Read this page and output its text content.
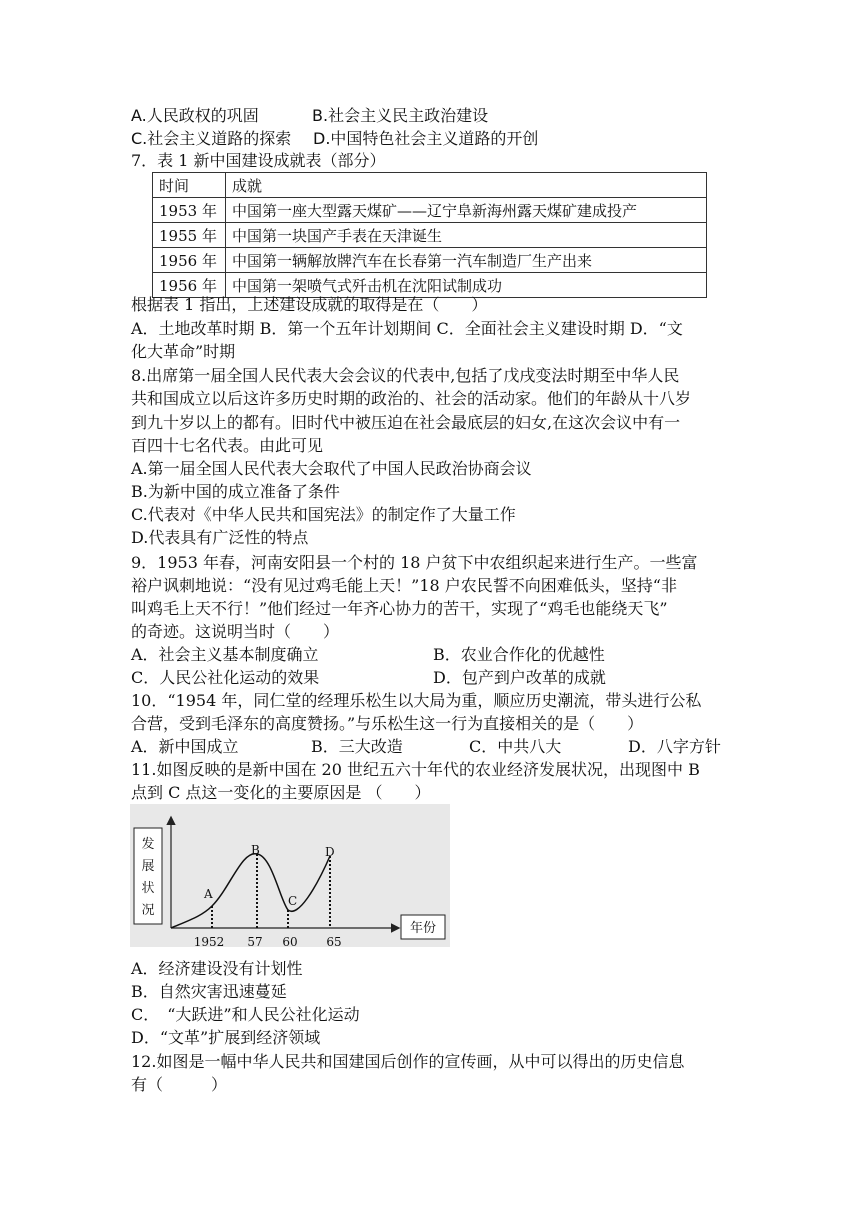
A.人民政权的巩固	B.社会主义民主政治建设
C.社会主义道路的探索 D.中国特色社会主义道路的开创
7．表 1 新中国建设成就表（部分）
时间	成就
1953 年	中国第一座大型露天煤矿——辽宁阜新海州露天煤矿建成投产
1955 年	中国第一块国产手表在天津诞生
1956 年	中国第一辆解放牌汽车在长春第一汽车制造厂生产出来
1956 年	中国第一架喷气式歼击机在沈阳试制成功
根据表 1 指出，上述建设成就的取得是在（　　）
A．土地改革时期 B．第一个五年计划期间 C．全面社会主义建设时期 D．“文
化大革命”时期
8.出席第一届全国人民代表大会会议的代表中,包括了戊戌变法时期至中华人民
共和国成立以后这许多历史时期的政治的、社会的活动家。他们的年龄从十八岁
到九十岁以上的都有。旧时代中被压迫在社会最底层的妇女,在这次会议中有一
百四十七名代表。由此可见
A.第一届全国人民代表大会取代了中国人民政治协商会议
B.为新中国的成立准备了条件
C.代表对《中华人民共和国宪法》的制定作了大量工作
D.代表具有广泛性的特点
9．1953 年春，河南安阳县一个村的 18 户贫下中农组织起来进行生产。一些富
裕户讽刺地说：“没有见过鸡毛能上天！”18 户农民誓不向困难低头，坚持“非
叫鸡毛上天不行！”他们经过一年齐心协力的苦干，实现了“鸡毛也能绕天飞”
的奇迹。这说明当时（　　）
A．社会主义基本制度确立	B．农业合作化的优越性
C．人民公社化运动的效果	D．包产到户改革的成就
10．“1954 年，同仁堂的经理乐松生以大局为重，顺应历史潮流，带头进行公私
合营，受到毛泽东的高度赞扬。”与乐松生这一行为直接相关的是（　　）
A．新中国成立	B．三大改造	C．中共八大	D．八字方针
11.如图反映的是新中国在 20 世纪五六十年代的农业经济发展状况，出现图中 B
点到 C 点这一变化的主要原因是 （　　）
发展状况
年份
A
B
C
D
1952 57 60 65
A．经济建设没有计划性
B．自然灾害迅速蔓延
C．　“大跃进”和人民公社化运动
D．“文革”扩展到经济领域
12.如图是一幅中华人民共和国建国后创作的宣传画，从中可以得出的历史信息
有（　　　）
